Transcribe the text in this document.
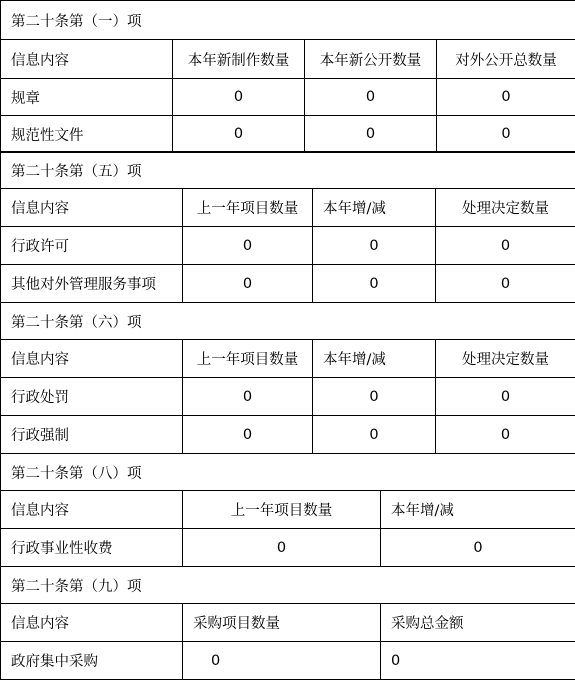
第二十条第（一）项			
信息内容	本年新制作数量	本年新公开数量	对外公开总数量
规章	0	0	0
规范性文件	0	0	0
第二十条第（五）项			
信息内容	上一年项目数量	本年增/减	处理决定数量
行政许可	0	0	0
其他对外管理服务事项	0	0	0
第二十条第（六）项			
信息内容	上一年项目数量	本年增/减	处理决定数量
行政处罚	0	0	0
行政强制	0	0	0
第二十条第（八）项		
信息内容	上一年项目数量	本年增/减
行政事业性收费	0	0
第二十条第（九）项		
信息内容	采购项目数量	采购总金额
政府集中采购	0	0
